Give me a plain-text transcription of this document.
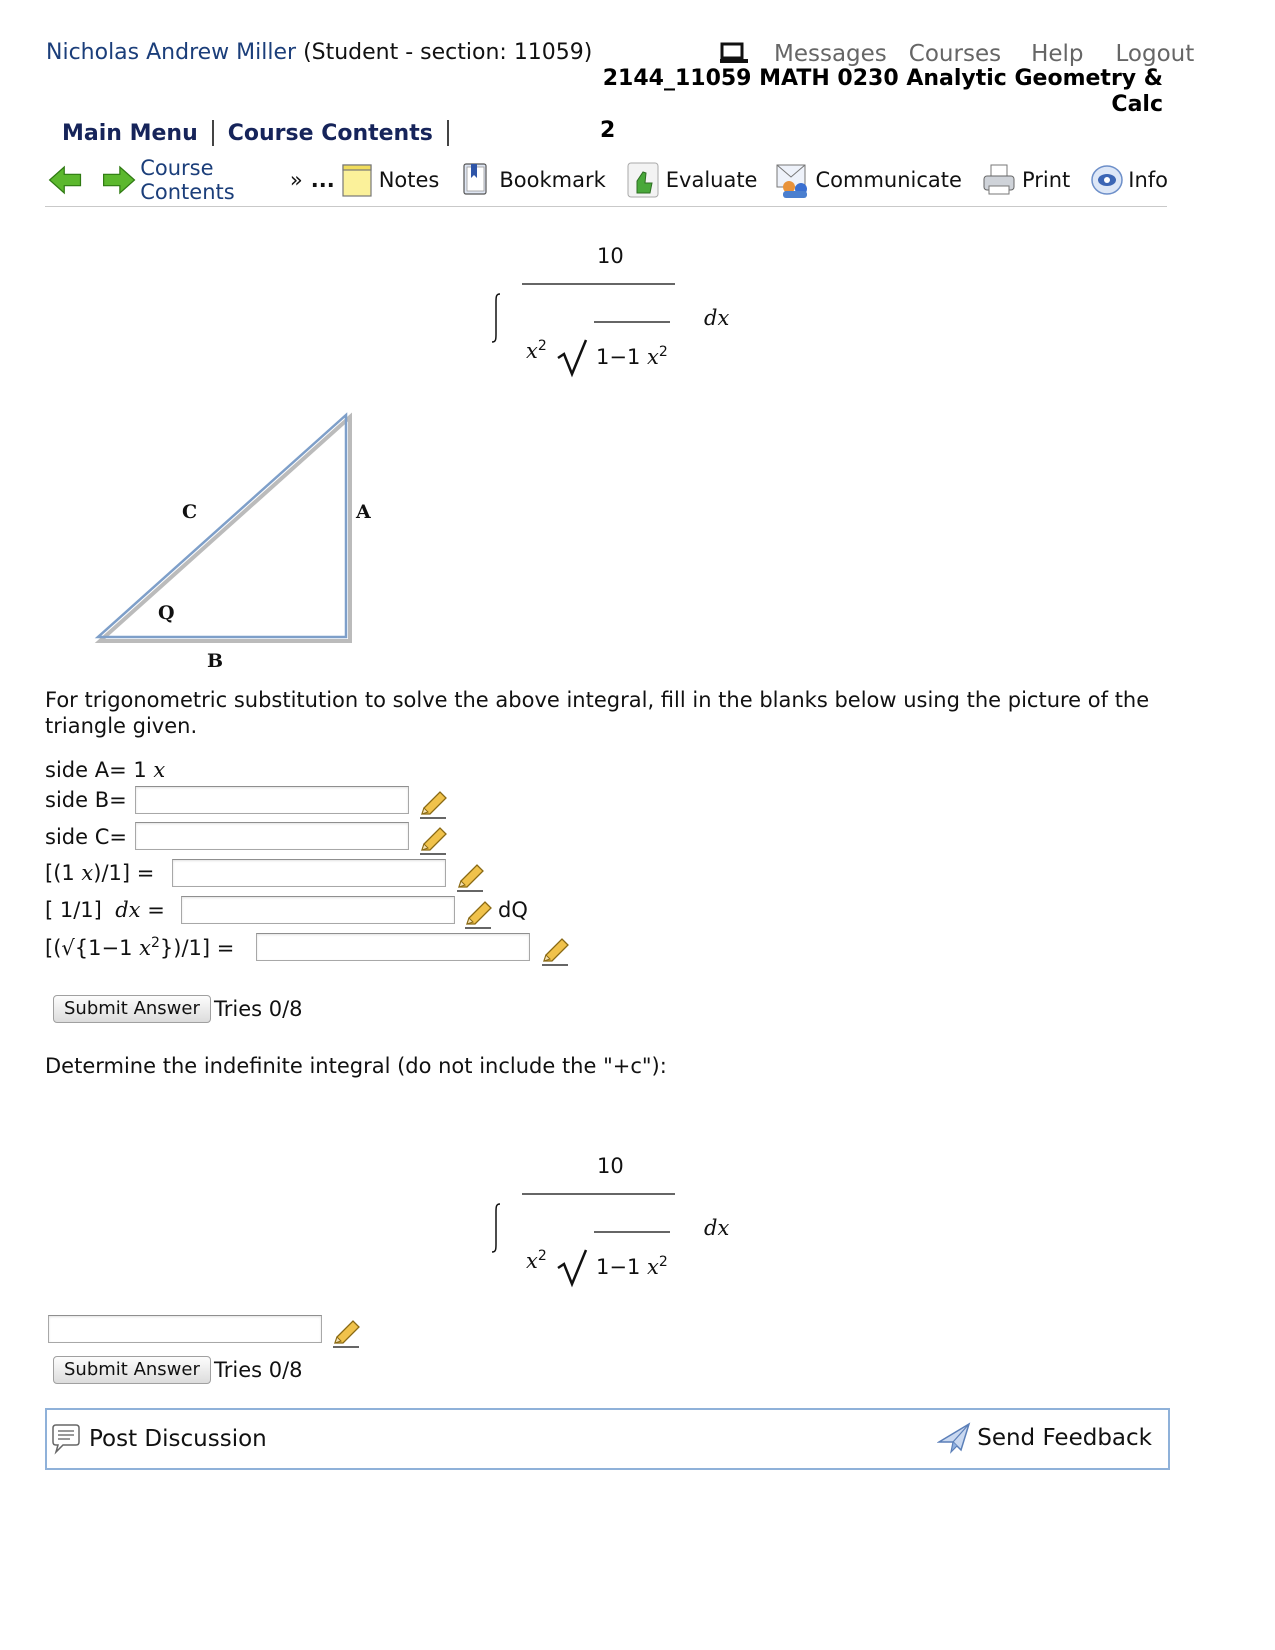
Nicholas Andrew Miller (Student - section: 11059)	Messages Courses Help Logout
2144_11059 MATH 0230 Analytic Geometry & Calc
2
Main Menu Course Contents
Course Contents	» ... Notes	Bookmark	Evaluate	Communicate	Print	Info
10
dx
$x^2$ 1−1 $x^2$
C	A
Q
B
For trigonometric substitution to solve the above integral, fill in the blanks below using the picture of the triangle given.
side A= 1 x
side B=
side C=
[(1 x)/1] =
[ 1/1]  dx =	dQ
[(√{1−1 $x^2\})/1$] =
Submit Answer Tries 0/8
Determine the indefinite integral (do not include the "+c"):
10
dx
$x^2$ 1−1 $x^2$
Submit Answer Tries 0/8
Post Discussion	Send Feedback
